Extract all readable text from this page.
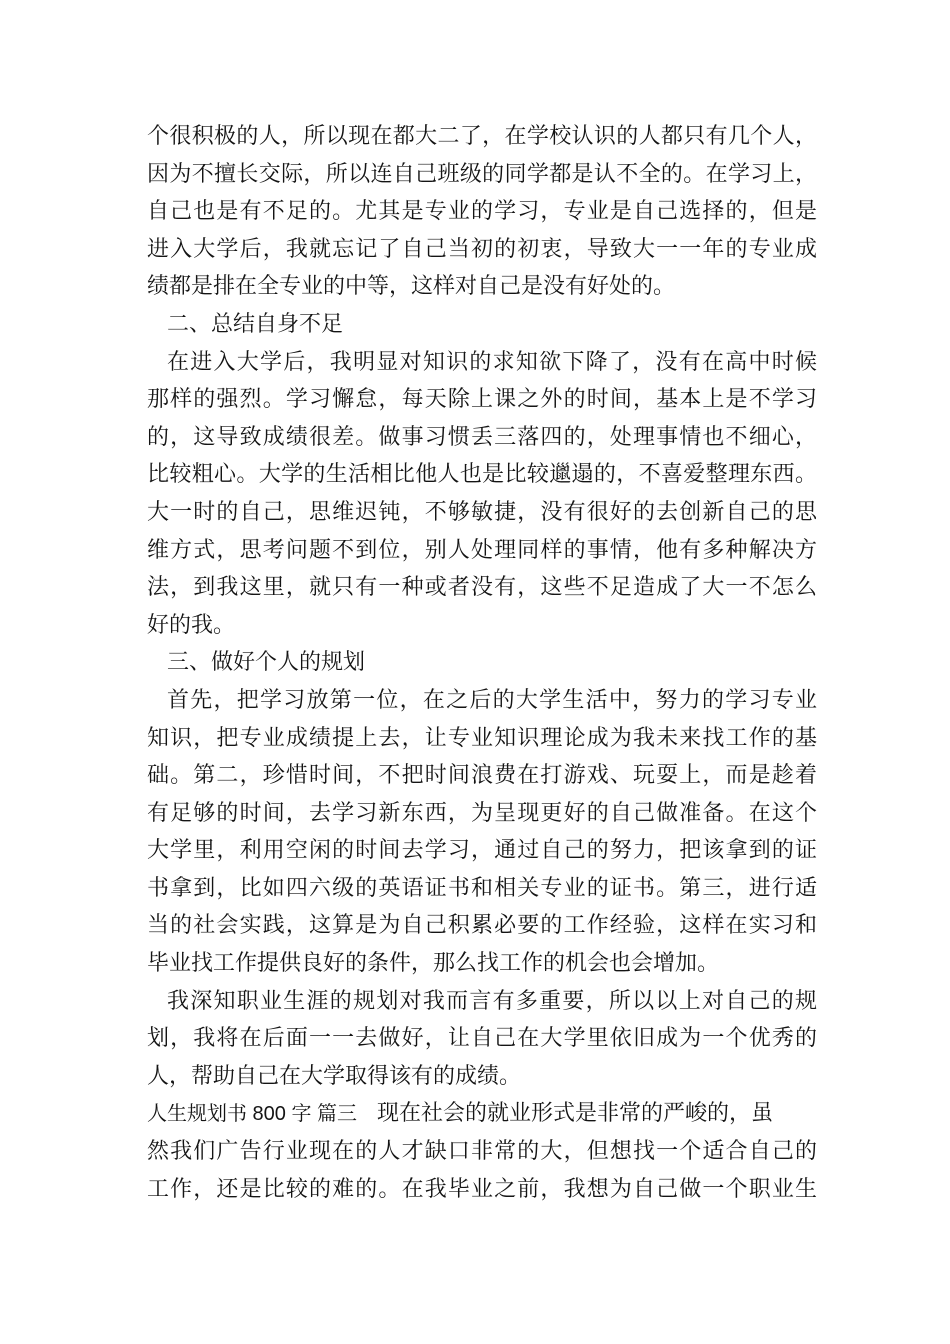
个很积极的人，所以现在都大二了，在学校认识的人都只有几个人，
因为不擅长交际，所以连自己班级的同学都是认不全的。在学习上，
自己也是有不足的。尤其是专业的学习，专业是自己选择的，但是
进入大学后，我就忘记了自己当初的初衷，导致大一一年的专业成
绩都是排在全专业的中等，这样对自己是没有好处的。
二、总结自身不足
在进入大学后，我明显对知识的求知欲下降了，没有在高中时候
那样的强烈。学习懈怠，每天除上课之外的时间，基本上是不学习
的，这导致成绩很差。做事习惯丢三落四的，处理事情也不细心，
比较粗心。大学的生活相比他人也是比较邋遢的，不喜爱整理东西。
大一时的自己，思维迟钝，不够敏捷，没有很好的去创新自己的思
维方式，思考问题不到位，别人处理同样的事情，他有多种解决方
法，到我这里，就只有一种或者没有，这些不足造成了大一不怎么
好的我。
三、做好个人的规划
首先，把学习放第一位，在之后的大学生活中，努力的学习专业
知识，把专业成绩提上去，让专业知识理论成为我未来找工作的基
础。第二，珍惜时间，不把时间浪费在打游戏、玩耍上，而是趁着
有足够的时间，去学习新东西，为呈现更好的自己做准备。在这个
大学里，利用空闲的时间去学习，通过自己的努力，把该拿到的证
书拿到，比如四六级的英语证书和相关专业的证书。第三，进行适
当的社会实践，这算是为自己积累必要的工作经验，这样在实习和
毕业找工作提供良好的条件，那么找工作的机会也会增加。
我深知职业生涯的规划对我而言有多重要，所以以上对自己的规
划，我将在后面一一去做好，让自己在大学里依旧成为一个优秀的
人，帮助自己在大学取得该有的成绩。
人生规划书 800 字 篇三 现在社会的就业形式是非常的严峻的，虽
然我们广告行业现在的人才缺口非常的大，但想找一个适合自己的
工作，还是比较的难的。在我毕业之前，我想为自己做一个职业生
